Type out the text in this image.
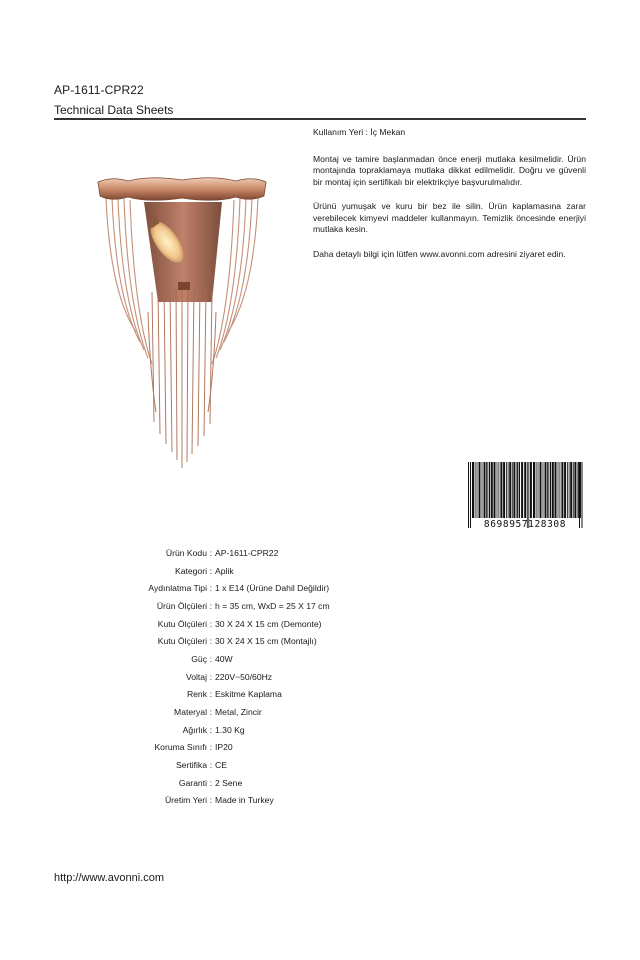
AP-1611-CPR22
Technical Data Sheets

Kullanım Yeri : İç Mekan

Montaj ve tamire başlanmadan önce enerji mutlaka kesilmelidir. Ürün montajında topraklamaya mutlaka dikkat edilmelidir. Doğru ve güvenli bir montaj için sertifikalı bir elektrikçiye başvurulmalıdır.

Ürünü yumuşak ve kuru bir bez ile silin. Ürün kaplamasına zarar verebilecek kimyevi maddeler kullanmayın. Temizlik öncesinde enerjiyi mutlaka kesin.

Daha detaylı bilgi için lütfen www.avonni.com adresini ziyaret edin.

8698957128308
Ürün Kodu : AP-1611-CPR22
Kategori : Aplik
Aydınlatma Tipi : 1 x E14 (Ürüne Dahil Değildir)
Ürün Ölçüleri : h = 35 cm, WxD = 25 X 17 cm
Kutu Ölçüleri : 30 X 24 X 15 cm (Demonte)
Kutu Ölçüleri : 30 X 24 X 15 cm (Montajlı)
Güç : 40W
Voltaj : 220V~50/60Hz
Renk : Eskitme Kaplama
Materyal : Metal, Zincir
Ağırlık : 1.30 Kg
Koruma Sınıfı : IP20
Sertifika : CE
Garanti : 2 Sene
Üretim Yeri : Made in Turkey
http://www.avonni.com
